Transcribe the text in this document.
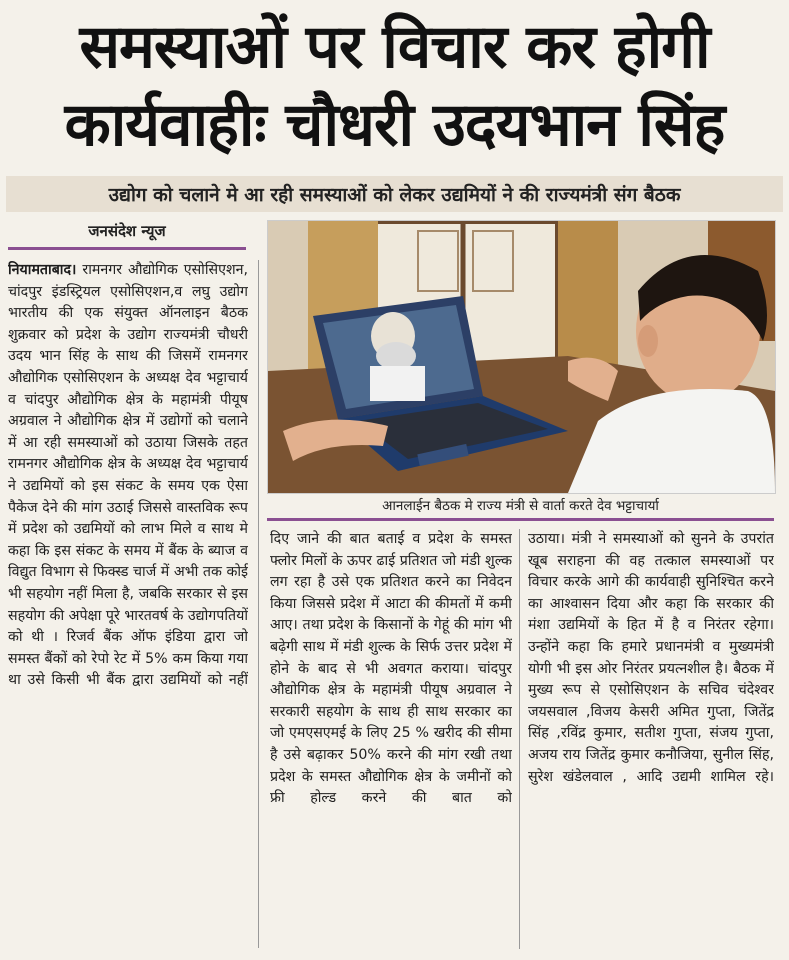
समस्याओं पर विचार कर होगी
कार्यवाहीः चौधरी उदयभान सिंह
उद्योग को चलाने मे आ रही समस्याओं को लेकर उद्यमियों ने की राज्यमंत्री संग बैठक
जनसंदेश न्यूज

नियामताबाद। रामनगर औद्योगिक एसोसिएशन, चांदपुर इंडस्ट्रियल एसोसिएशन,व लघु उद्योग भारतीय की एक संयुक्त ऑनलाइन बैठक शुक्रवार को प्रदेश के उद्योग राज्यमंत्री चौधरी उदय भान सिंह के साथ की जिसमें रामनगर औद्योगिक एसोसिएशन के अध्यक्ष देव भट्टाचार्य व चांदपुर औद्योगिक क्षेत्र के महामंत्री पीयूष अग्रवाल ने औद्योगिक क्षेत्र में उद्योगों को चलाने में आ रही समस्याओं को उठाया जिसके तहत रामनगर औद्योगिक क्षेत्र के अध्यक्ष देव भट्टाचार्य ने उद्यमियों को इस संकट के समय एक ऐसा पैकेज देने की मांग उठाई जिससे वास्तविक रूप में प्रदेश को उद्यमियों को लाभ मिले व साथ मे कहा कि इस संकट के समय में बैंक के ब्याज व विद्युत विभाग से फिक्स्ड चार्ज में अभी तक कोई भी सहयोग नहीं मिला है, जबकि सरकार से इस सहयोग की अपेक्षा पूरे भारतवर्ष के उद्योगपतियों को थी । रिजर्व बैंक ऑफ इंडिया द्वारा जो समस्त बैंकों को रेपो रेट में 5% कम किया गया था उसे किसी भी बैंक द्वारा उद्यमियों को नहीं

आनलाईन बैठक मे राज्य मंत्री से वार्ता करते देव भट्टाचार्या

दिए जाने की बात बताई व प्रदेश के समस्त फ्लोर मिलों के ऊपर ढाई प्रतिशत जो मंडी शुल्क लग रहा है उसे एक प्रतिशत करने का निवेदन किया जिससे प्रदेश में आटा की कीमतों में कमी आए। तथा प्रदेश के किसानों के गेहूं की मांग भी बढ़ेगी साथ में मंडी शुल्क के सिर्फ उत्तर प्रदेश में होने के बाद से भी अवगत कराया। चांदपुर औद्योगिक क्षेत्र के महामंत्री पीयूष अग्रवाल ने सरकारी सहयोग के साथ ही साथ सरकार का जो एमएसएमई के लिए 25 % खरीद की सीमा है उसे बढ़ाकर 50% करने की मांग रखी तथा प्रदेश के समस्त औद्योगिक क्षेत्र के जमीनों को फ्री होल्ड करने की बात को

उठाया। मंत्री ने समस्याओं को सुनने के उपरांत खूब सराहना की वह तत्काल समस्याओं पर विचार करके आगे की कार्यवाही सुनिश्चित करने का आश्वासन दिया और कहा कि सरकार की मंशा उद्यमियों के हित में है व निरंतर रहेगा। उन्होंने कहा कि हमारे प्रधानमंत्री व मुख्यमंत्री योगी भी इस ओर निरंतर प्रयत्नशील है। बैठक में मुख्य रूप से एसोसिएशन के सचिव चंदेश्वर जयसवाल ,विजय केसरी अमित गुप्ता, जितेंद्र सिंह ,रविंद्र कुमार, सतीश गुप्ता, संजय गुप्ता, अजय राय जितेंद्र कुमार कनौजिया, सुनील सिंह, सुरेश खंडेलवाल , आदि उद्यमी शामिल रहे।
